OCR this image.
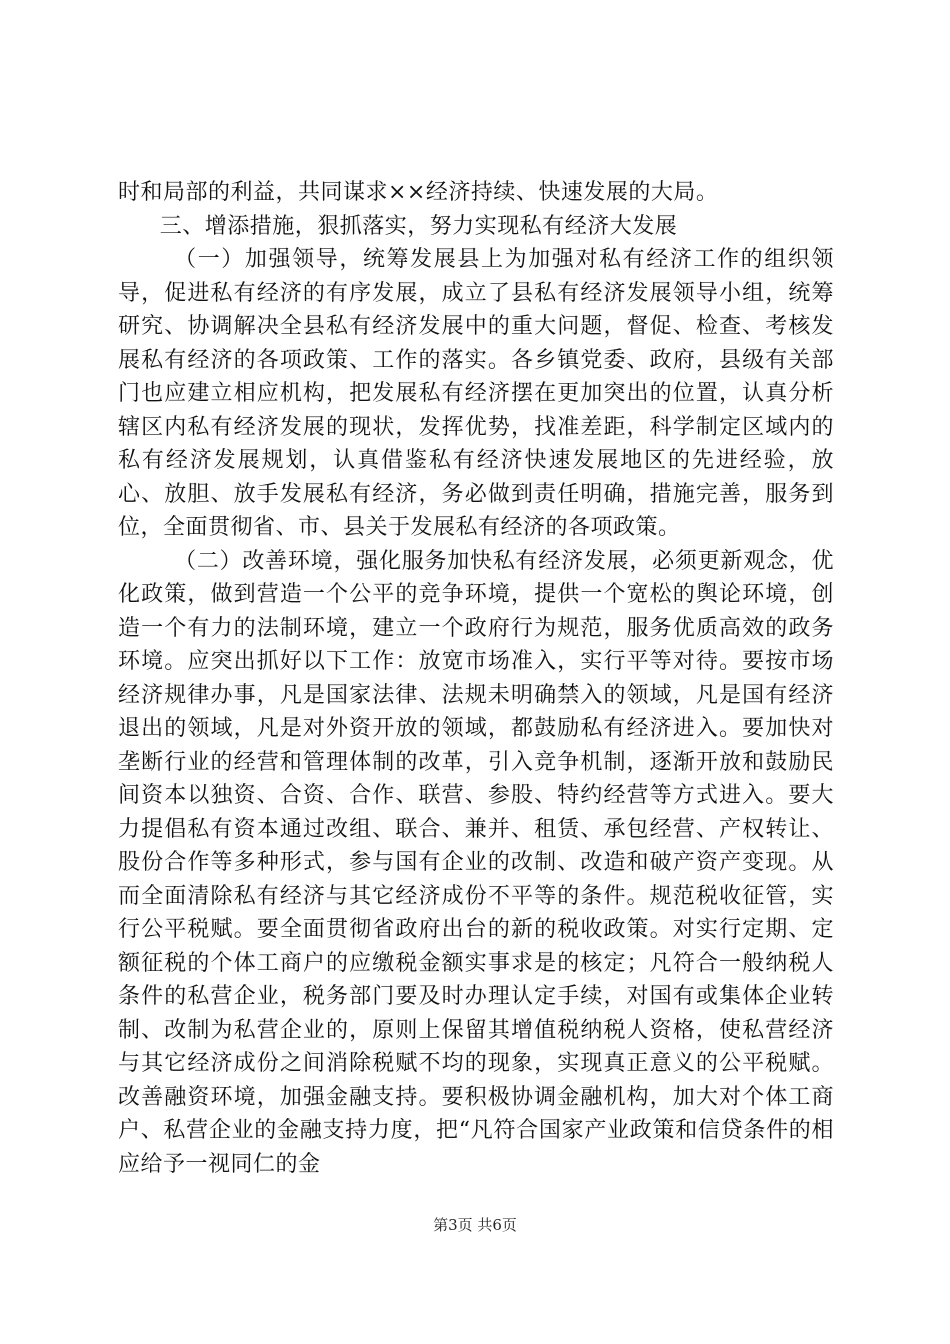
时和局部的利益，共同谋求××经济持续、快速发展的大局。

三、增添措施，狠抓落实，努力实现私有经济大发展

（一）加强领导，统筹发展县上为加强对私有经济工作的组织领导，促进私有经济的有序发展，成立了县私有经济发展领导小组，统筹研究、协调解决全县私有经济发展中的重大问题，督促、检查、考核发展私有经济的各项政策、工作的落实。各乡镇党委、政府，县级有关部门也应建立相应机构，把发展私有经济摆在更加突出的位置，认真分析辖区内私有经济发展的现状，发挥优势，找准差距，科学制定区域内的私有经济发展规划，认真借鉴私有经济快速发展地区的先进经验，放心、放胆、放手发展私有经济，务必做到责任明确，措施完善，服务到位，全面贯彻省、市、县关于发展私有经济的各项政策。

（二）改善环境，强化服务加快私有经济发展，必须更新观念，优化政策，做到营造一个公平的竞争环境，提供一个宽松的舆论环境，创造一个有力的法制环境，建立一个政府行为规范，服务优质高效的政务环境。应突出抓好以下工作：放宽市场准入，实行平等对待。要按市场经济规律办事，凡是国家法律、法规未明确禁入的领域，凡是国有经济退出的领域，凡是对外资开放的领域，都鼓励私有经济进入。要加快对垄断行业的经营和管理体制的改革，引入竞争机制，逐渐开放和鼓励民间资本以独资、合资、合作、联营、参股、特约经营等方式进入。要大力提倡私有资本通过改组、联合、兼并、租赁、承包经营、产权转让、股份合作等多种形式，参与国有企业的改制、改造和破产资产变现。从而全面清除私有经济与其它经济成份不平等的条件。规范税收征管，实行公平税赋。要全面贯彻省政府出台的新的税收政策。对实行定期、定额征税的个体工商户的应缴税金额实事求是的核定；凡符合一般纳税人条件的私营企业，税务部门要及时办理认定手续，对国有或集体企业转制、改制为私营企业的，原则上保留其增值税纳税人资格，使私营经济与其它经济成份之间消除税赋不均的现象，实现真正意义的公平税赋。改善融资环境，加强金融支持。要积极协调金融机构，加大对个体工商户、私营企业的金融支持力度，把“凡符合国家产业政策和信贷条件的相应给予一视同仁的金

第3页 共6页
